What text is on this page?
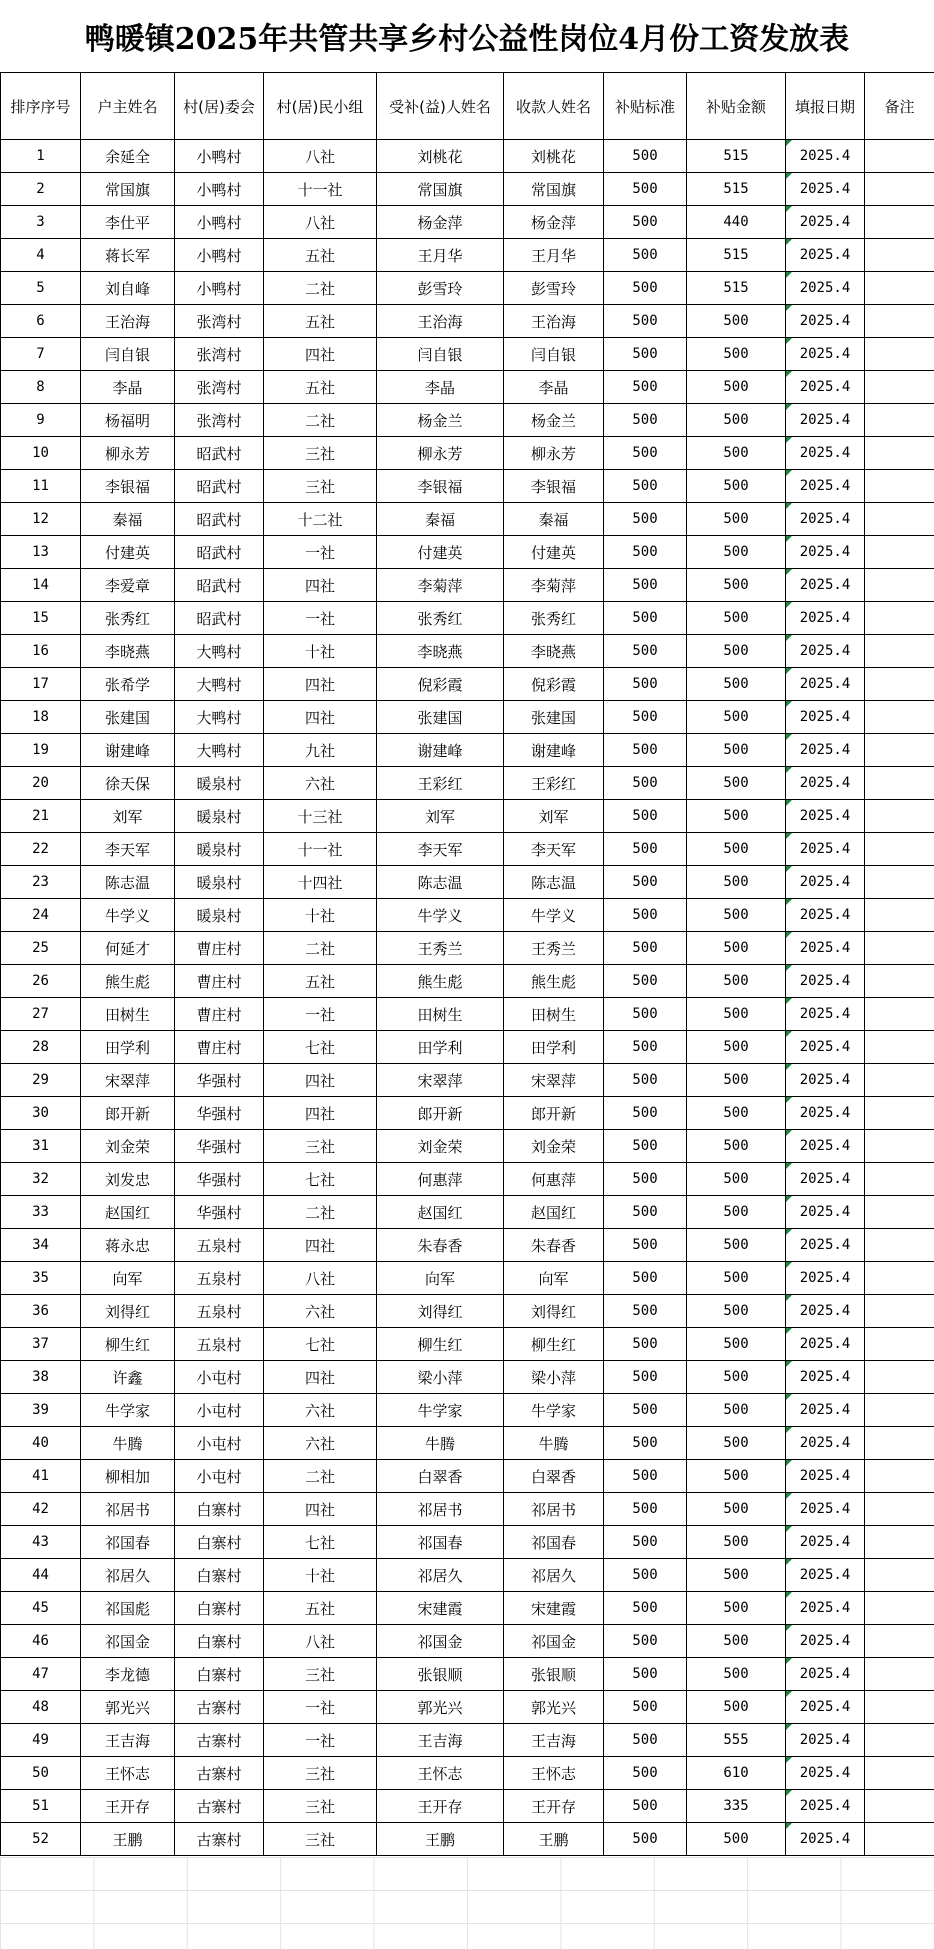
鸭暖镇2025年共管共享乡村公益性岗位4月份工资发放表
排序序号	户主姓名	村(居)委会	村(居)民小组	受补(益)人姓名	收款人姓名	补贴标准	补贴金额	填报日期	备注
1	余延全	小鸭村	八社	刘桃花	刘桃花	500	515	2025.4	
2	常国旗	小鸭村	十一社	常国旗	常国旗	500	515	2025.4	
3	李仕平	小鸭村	八社	杨金萍	杨金萍	500	440	2025.4	
4	蒋长军	小鸭村	五社	王月华	王月华	500	515	2025.4	
5	刘自峰	小鸭村	二社	彭雪玲	彭雪玲	500	515	2025.4	
6	王治海	张湾村	五社	王治海	王治海	500	500	2025.4	
7	闫自银	张湾村	四社	闫自银	闫自银	500	500	2025.4	
8	李晶	张湾村	五社	李晶	李晶	500	500	2025.4	
9	杨福明	张湾村	二社	杨金兰	杨金兰	500	500	2025.4	
10	柳永芳	昭武村	三社	柳永芳	柳永芳	500	500	2025.4	
11	李银福	昭武村	三社	李银福	李银福	500	500	2025.4	
12	秦福	昭武村	十二社	秦福	秦福	500	500	2025.4	
13	付建英	昭武村	一社	付建英	付建英	500	500	2025.4	
14	李爱章	昭武村	四社	李菊萍	李菊萍	500	500	2025.4	
15	张秀红	昭武村	一社	张秀红	张秀红	500	500	2025.4	
16	李晓燕	大鸭村	十社	李晓燕	李晓燕	500	500	2025.4	
17	张希学	大鸭村	四社	倪彩霞	倪彩霞	500	500	2025.4	
18	张建国	大鸭村	四社	张建国	张建国	500	500	2025.4	
19	谢建峰	大鸭村	九社	谢建峰	谢建峰	500	500	2025.4	
20	徐天保	暖泉村	六社	王彩红	王彩红	500	500	2025.4	
21	刘军	暖泉村	十三社	刘军	刘军	500	500	2025.4	
22	李天军	暖泉村	十一社	李天军	李天军	500	500	2025.4	
23	陈志温	暖泉村	十四社	陈志温	陈志温	500	500	2025.4	
24	牛学义	暖泉村	十社	牛学义	牛学义	500	500	2025.4	
25	何延才	曹庄村	二社	王秀兰	王秀兰	500	500	2025.4	
26	熊生彪	曹庄村	五社	熊生彪	熊生彪	500	500	2025.4	
27	田树生	曹庄村	一社	田树生	田树生	500	500	2025.4	
28	田学利	曹庄村	七社	田学利	田学利	500	500	2025.4	
29	宋翠萍	华强村	四社	宋翠萍	宋翠萍	500	500	2025.4	
30	郎开新	华强村	四社	郎开新	郎开新	500	500	2025.4	
31	刘金荣	华强村	三社	刘金荣	刘金荣	500	500	2025.4	
32	刘发忠	华强村	七社	何惠萍	何惠萍	500	500	2025.4	
33	赵国红	华强村	二社	赵国红	赵国红	500	500	2025.4	
34	蒋永忠	五泉村	四社	朱春香	朱春香	500	500	2025.4	
35	向军	五泉村	八社	向军	向军	500	500	2025.4	
36	刘得红	五泉村	六社	刘得红	刘得红	500	500	2025.4	
37	柳生红	五泉村	七社	柳生红	柳生红	500	500	2025.4	
38	许鑫	小屯村	四社	梁小萍	梁小萍	500	500	2025.4	
39	牛学家	小屯村	六社	牛学家	牛学家	500	500	2025.4	
40	牛腾	小屯村	六社	牛腾	牛腾	500	500	2025.4	
41	柳相加	小屯村	二社	白翠香	白翠香	500	500	2025.4	
42	祁居书	白寨村	四社	祁居书	祁居书	500	500	2025.4	
43	祁国春	白寨村	七社	祁国春	祁国春	500	500	2025.4	
44	祁居久	白寨村	十社	祁居久	祁居久	500	500	2025.4	
45	祁国彪	白寨村	五社	宋建霞	宋建霞	500	500	2025.4	
46	祁国金	白寨村	八社	祁国金	祁国金	500	500	2025.4	
47	李龙德	白寨村	三社	张银顺	张银顺	500	500	2025.4	
48	郭光兴	古寨村	一社	郭光兴	郭光兴	500	500	2025.4	
49	王吉海	古寨村	一社	王吉海	王吉海	500	555	2025.4	
50	王怀志	古寨村	三社	王怀志	王怀志	500	610	2025.4	
51	王开存	古寨村	三社	王开存	王开存	500	335	2025.4	
52	王鹏	古寨村	三社	王鹏	王鹏	500	500	2025.4	
